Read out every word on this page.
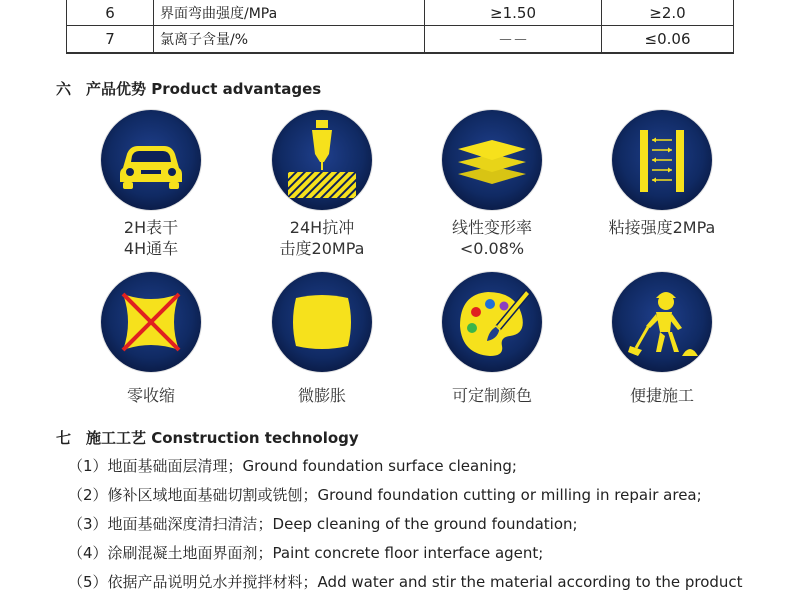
6	界面弯曲强度/MPa	≥1.50	≥2.0
7	氯离子含量/%	－－	≤0.06
六 产品优势 Product advantages
2H表干
4H通车
24H抗冲
击度20MPa
线性变形率
<0.08%
粘接强度2MPa
零收缩	微膨胀	可定制颜色	便捷施工
七 施工工艺 Construction technology
（1）地面基础面层清理；Ground foundation surface cleaning;
（2）修补区域地面基础切割或铣刨；Ground foundation cutting or milling in repair area;
（3）地面基础深度清扫清洁；Deep cleaning of the ground foundation;
（4）涂刷混凝土地面界面剂；Paint concrete floor interface agent;
（5）依据产品说明兑水并搅拌材料；Add water and stir the material according to the product
